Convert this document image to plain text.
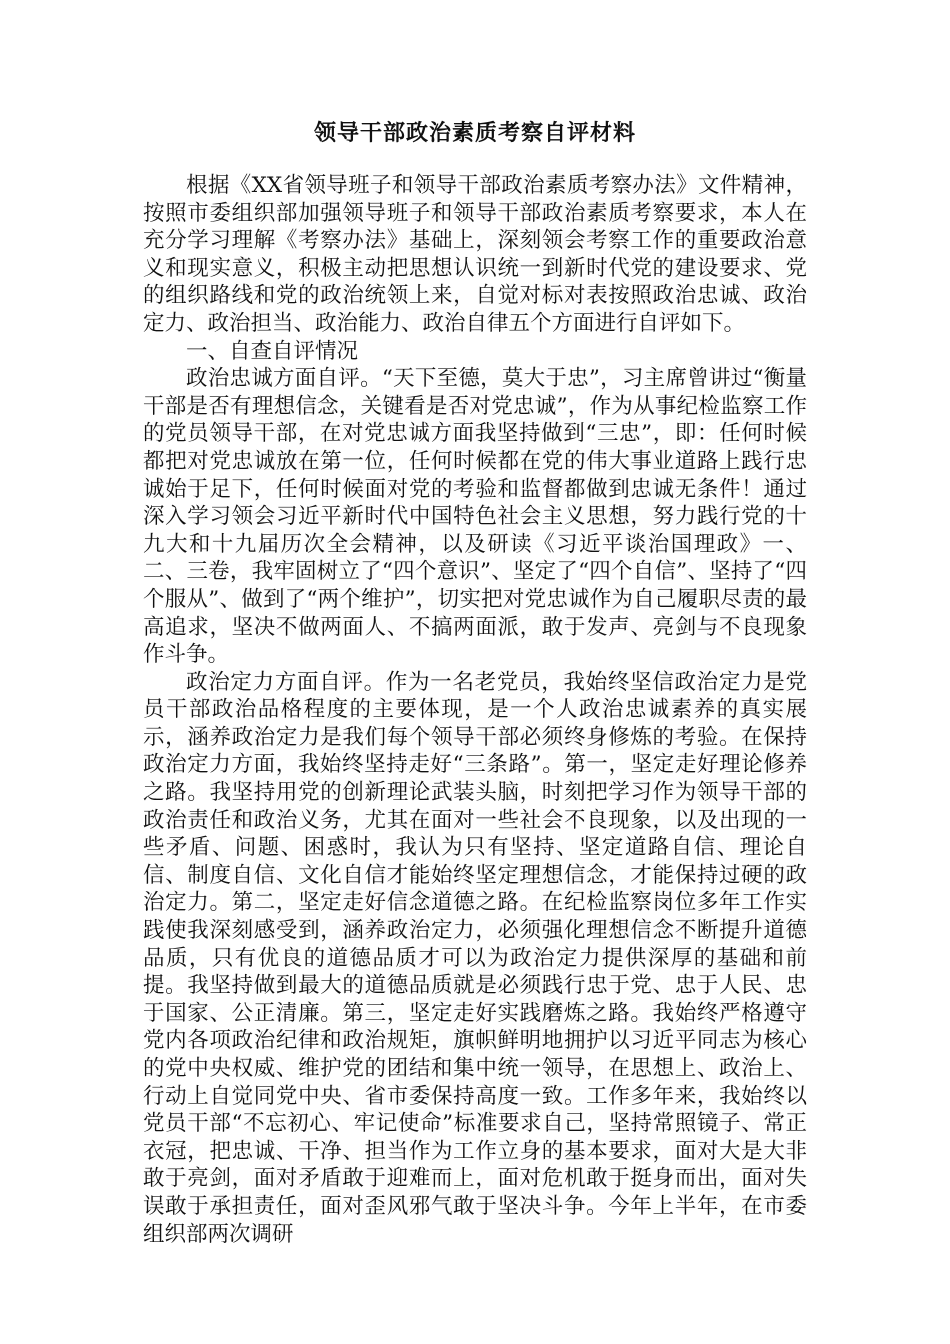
领导干部政治素质考察自评材料

根据《XX省领导班子和领导干部政治素质考察办法》文件精神，按照市委组织部加强领导班子和领导干部政治素质考察要求，本人在充分学习理解《考察办法》基础上，深刻领会考察工作的重要政治意义和现实意义，积极主动把思想认识统一到新时代党的建设要求、党的组织路线和党的政治统领上来，自觉对标对表按照政治忠诚、政治定力、政治担当、政治能力、政治自律五个方面进行自评如下。

一、自查自评情况

政治忠诚方面自评。“天下至德，莫大于忠”，习主席曾讲过“衡量干部是否有理想信念，关键看是否对党忠诚”，作为从事纪检监察工作的党员领导干部，在对党忠诚方面我坚持做到“三忠”，即：任何时候都把对党忠诚放在第一位，任何时候都在党的伟大事业道路上践行忠诚始于足下，任何时候面对党的考验和监督都做到忠诚无条件！通过深入学习领会习近平新时代中国特色社会主义思想，努力践行党的十九大和十九届历次全会精神，以及研读《习近平谈治国理政》一、二、三卷，我牢固树立了“四个意识”、坚定了“四个自信”、坚持了“四个服从”、做到了“两个维护”，切实把对党忠诚作为自己履职尽责的最高追求，坚决不做两面人、不搞两面派，敢于发声、亮剑与不良现象作斗争。

政治定力方面自评。作为一名老党员，我始终坚信政治定力是党员干部政治品格程度的主要体现，是一个人政治忠诚素养的真实展示，涵养政治定力是我们每个领导干部必须终身修炼的考验。在保持政治定力方面，我始终坚持走好“三条路”。第一，坚定走好理论修养之路。我坚持用党的创新理论武装头脑，时刻把学习作为领导干部的政治责任和政治义务，尤其在面对一些社会不良现象，以及出现的一些矛盾、问题、困惑时，我认为只有坚持、坚定道路自信、理论自信、制度自信、文化自信才能始终坚定理想信念，才能保持过硬的政治定力。第二，坚定走好信念道德之路。在纪检监察岗位多年工作实践使我深刻感受到，涵养政治定力，必须强化理想信念不断提升道德品质，只有优良的道德品质才可以为政治定力提供深厚的基础和前提。我坚持做到最大的道德品质就是必须践行忠于党、忠于人民、忠于国家、公正清廉。第三，坚定走好实践磨炼之路。我始终严格遵守党内各项政治纪律和政治规矩，旗帜鲜明地拥护以习近平同志为核心的党中央权威、维护党的团结和集中统一领导，在思想上、政治上、行动上自觉同党中央、省市委保持高度一致。工作多年来，我始终以党员干部“不忘初心、牢记使命”标准要求自己，坚持常照镜子、常正衣冠，把忠诚、干净、担当作为工作立身的基本要求，面对大是大非敢于亮剑，面对矛盾敢于迎难而上，面对危机敢于挺身而出，面对失误敢于承担责任，面对歪风邪气敢于坚决斗争。今年上半年，在市委组织部两次调研
